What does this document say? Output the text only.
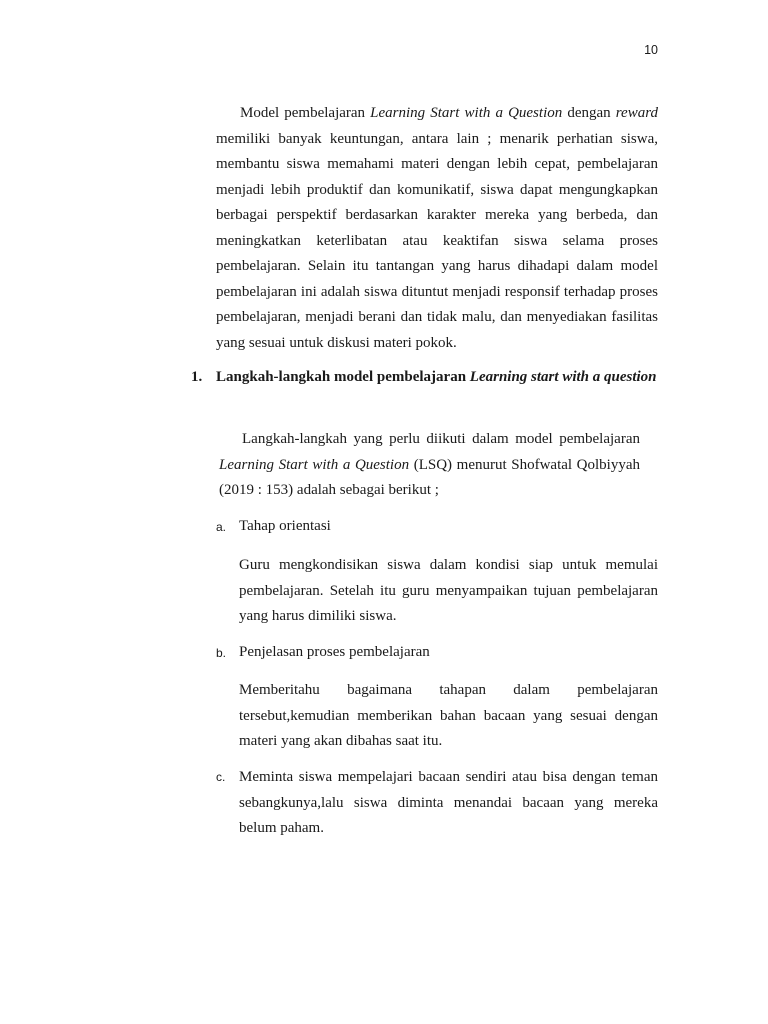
10

Model pembelajaran Learning Start with a Question dengan reward memiliki banyak keuntungan, antara lain ; menarik perhatian siswa, membantu siswa memahami materi dengan lebih cepat, pembelajaran menjadi lebih produktif dan komunikatif, siswa dapat mengungkapkan berbagai perspektif berdasarkan karakter mereka yang berbeda, dan meningkatkan keterlibatan atau keaktifan siswa selama proses pembelajaran. Selain itu tantangan yang harus dihadapi dalam model pembelajaran ini adalah siswa dituntut menjadi responsif terhadap proses pembelajaran, menjadi berani dan tidak malu, dan menyediakan fasilitas yang sesuai untuk diskusi materi pokok.

1. Langkah-langkah model pembelajaran Learning start with a question

Langkah-langkah yang perlu diikuti dalam model pembelajaran Learning Start with a Question (LSQ) menurut Shofwatal Qolbiyyah (2019 : 153) adalah sebagai berikut ;

a. Tahap orientasi

Guru mengkondisikan siswa dalam kondisi siap untuk memulai pembelajaran. Setelah itu guru menyampaikan tujuan pembelajaran yang harus dimiliki siswa.

b. Penjelasan proses pembelajaran

Memberitahu bagaimana tahapan dalam pembelajaran tersebut,kemudian memberikan bahan bacaan yang sesuai dengan materi yang akan dibahas saat itu.

c. Meminta siswa mempelajari bacaan sendiri atau bisa dengan teman sebangkunya,lalu siswa diminta menandai bacaan yang mereka belum paham.
